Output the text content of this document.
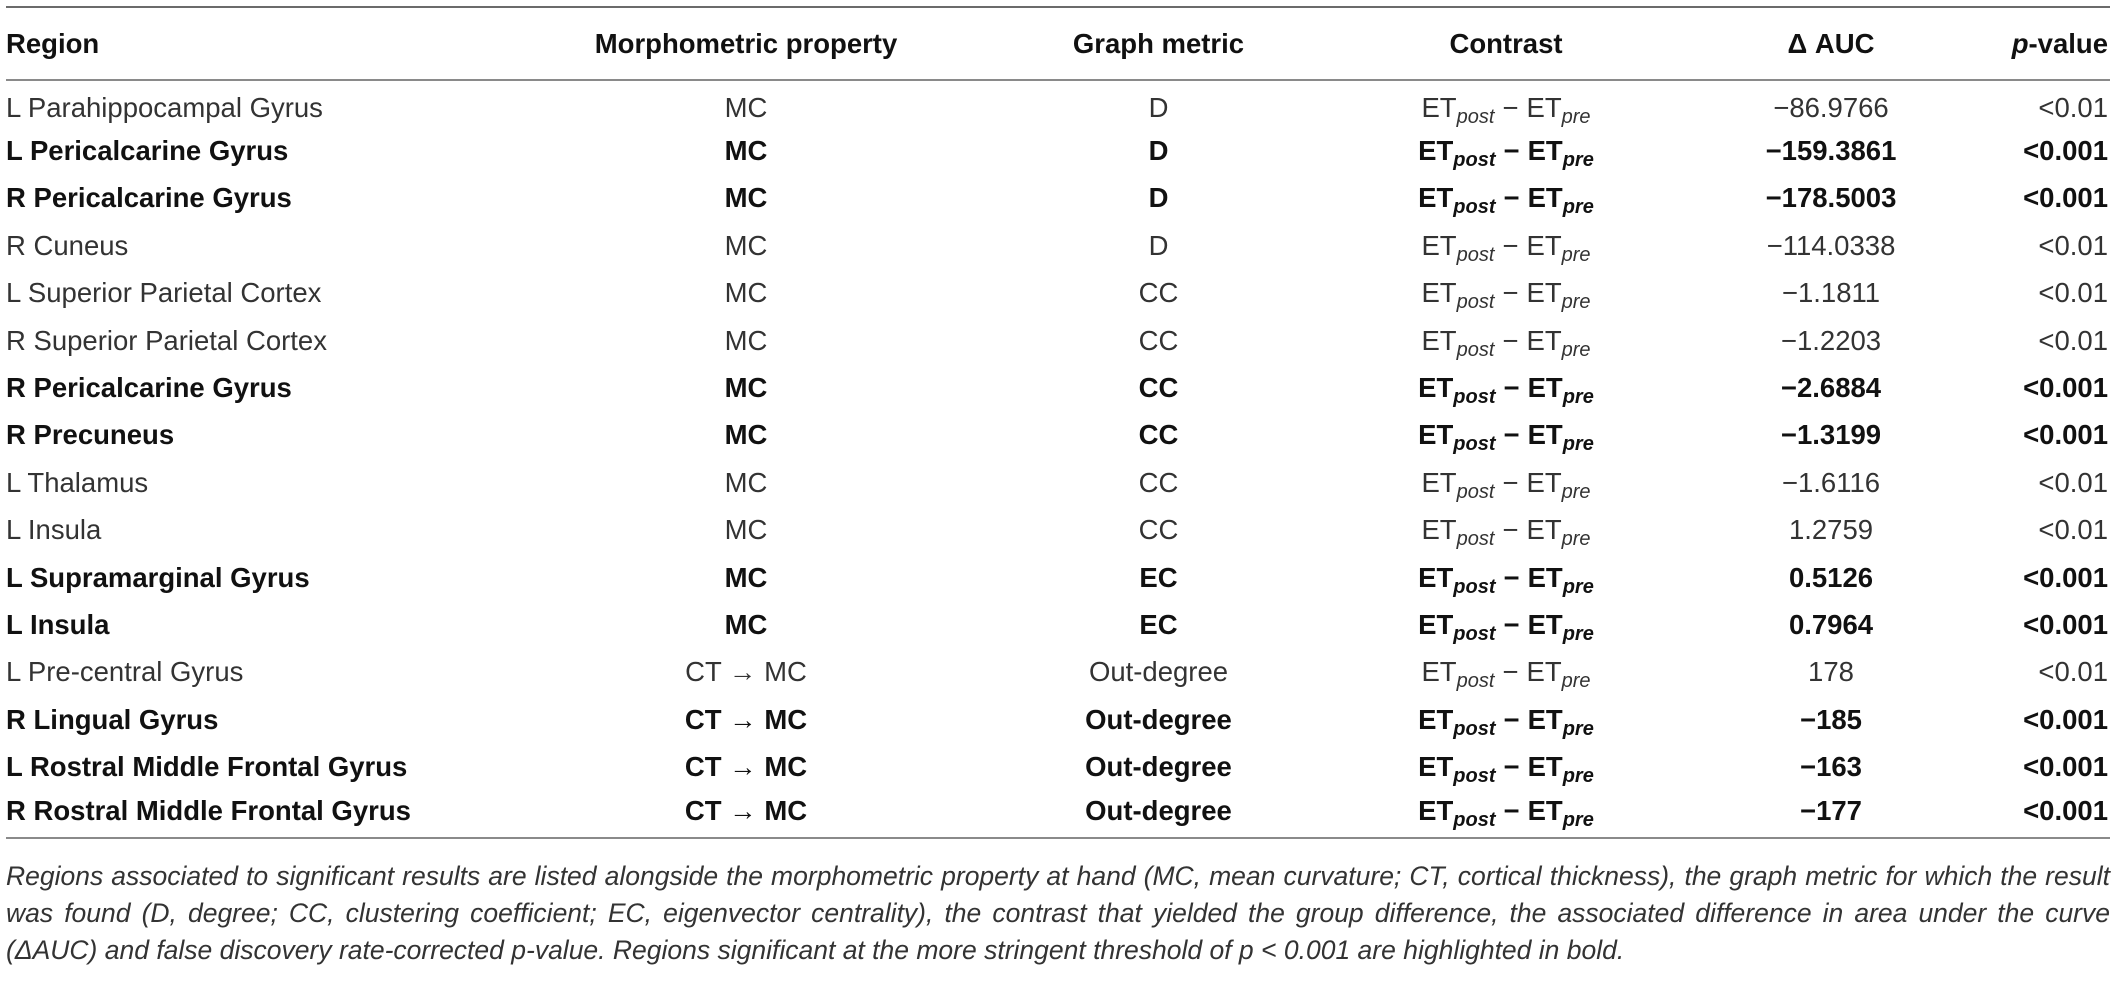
Region	Morphometric property	Graph metric	Contrast	Δ AUC	p-value
L Parahippocampal Gyrus	MC	D	$ET_{post} - ET_{pre}$	−86.9766	<0.01
L Pericalcarine Gyrus	MC	D	$ET_{post} - ET_{pre}$	−159.3861	<0.001
R Pericalcarine Gyrus	MC	D	$ET_{post} - ET_{pre}$	−178.5003	<0.001
R Cuneus	MC	D	$ET_{post} - ET_{pre}$	−114.0338	<0.01
L Superior Parietal Cortex	MC	CC	$ET_{post} - ET_{pre}$	−1.1811	<0.01
R Superior Parietal Cortex	MC	CC	$ET_{post} - ET_{pre}$	−1.2203	<0.01
R Pericalcarine Gyrus	MC	CC	$ET_{post} - ET_{pre}$	−2.6884	<0.001
R Precuneus	MC	CC	$ET_{post} - ET_{pre}$	−1.3199	<0.001
L Thalamus	MC	CC	$ET_{post} - ET_{pre}$	−1.6116	<0.01
L Insula	MC	CC	$ET_{post} - ET_{pre}$	1.2759	<0.01
L Supramarginal Gyrus	MC	EC	$ET_{post} - ET_{pre}$	0.5126	<0.001
L Insula	MC	EC	$ET_{post} - ET_{pre}$	0.7964	<0.001
L Pre-central Gyrus	CT → MC	Out-degree	$ET_{post} - ET_{pre}$	178	<0.01
R Lingual Gyrus	CT → MC	Out-degree	$ET_{post} - ET_{pre}$	−185	<0.001
L Rostral Middle Frontal Gyrus	CT → MC	Out-degree	$ET_{post} - ET_{pre}$	−163	<0.001
R Rostral Middle Frontal Gyrus	CT → MC	Out-degree	$ET_{post} - ET_{pre}$	−177	<0.001
Regions associated to significant results are listed alongside the morphometric property at hand (MC, mean curvature; CT, cortical thickness), the graph metric for which the result was found (D, degree; CC, clustering coefficient; EC, eigenvector centrality), the contrast that yielded the group difference, the associated difference in area under the curve (ΔAUC) and false discovery rate-corrected p-value. Regions significant at the more stringent threshold of p < 0.001 are highlighted in bold.
